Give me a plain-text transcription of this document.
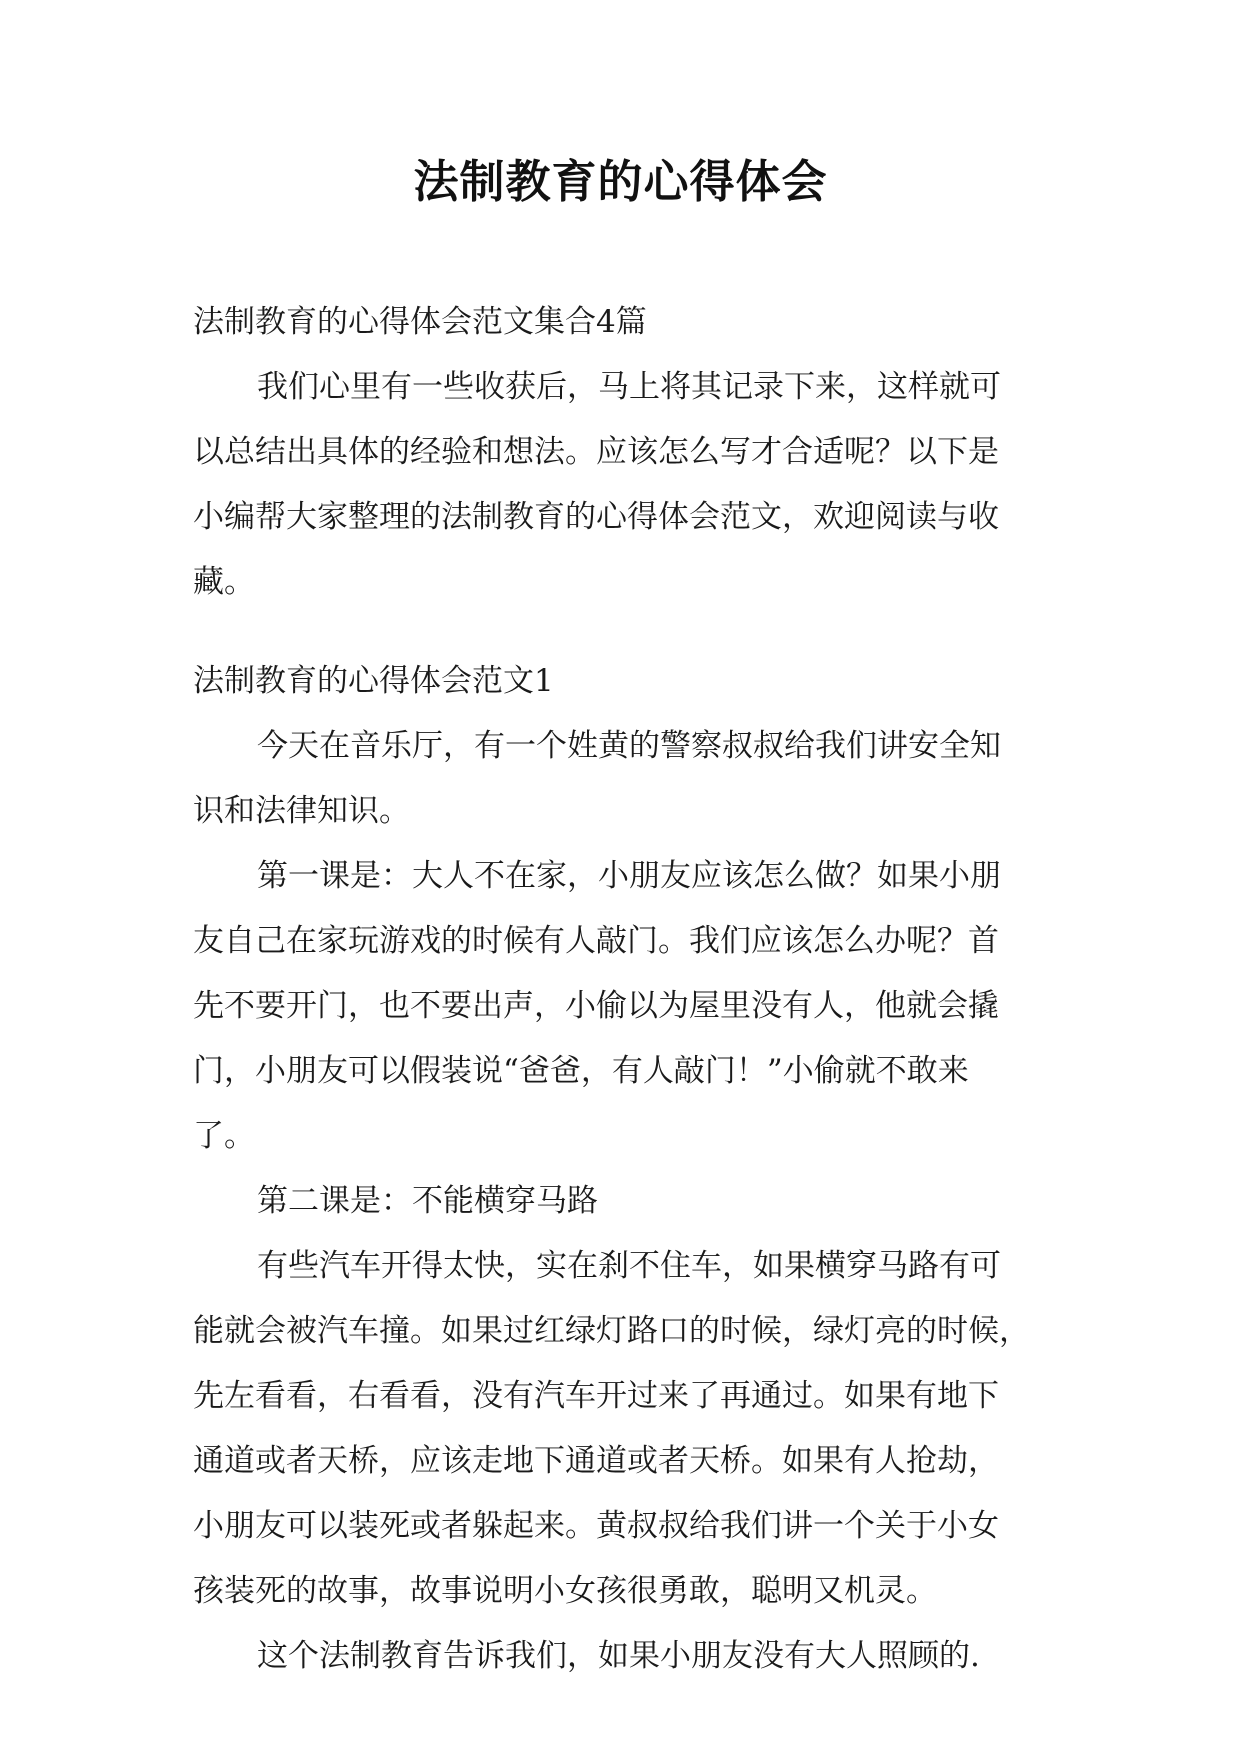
法制教育的心得体会
法制教育的心得体会范文集合4篇
我们心里有一些收获后，马上将其记录下来，这样就可
以总结出具体的经验和想法。应该怎么写才合适呢？以下是
小编帮大家整理的法制教育的心得体会范文，欢迎阅读与收
藏。
法制教育的心得体会范文1
今天在音乐厅，有一个姓黄的警察叔叔给我们讲安全知
识和法律知识。
第一课是：大人不在家，小朋友应该怎么做？如果小朋
友自己在家玩游戏的时候有人敲门。我们应该怎么办呢？首
先不要开门，也不要出声，小偷以为屋里没有人，他就会撬
门，小朋友可以假装说“爸爸，有人敲门！”小偷就不敢来
了。
第二课是：不能横穿马路
有些汽车开得太快，实在刹不住车，如果横穿马路有可
能就会被汽车撞。如果过红绿灯路口的时候，绿灯亮的时候，
先左看看，右看看，没有汽车开过来了再通过。如果有地下
通道或者天桥，应该走地下通道或者天桥。如果有人抢劫，
小朋友可以装死或者躲起来。黄叔叔给我们讲一个关于小女
孩装死的故事，故事说明小女孩很勇敢，聪明又机灵。
这个法制教育告诉我们，如果小朋友没有大人照顾的.
